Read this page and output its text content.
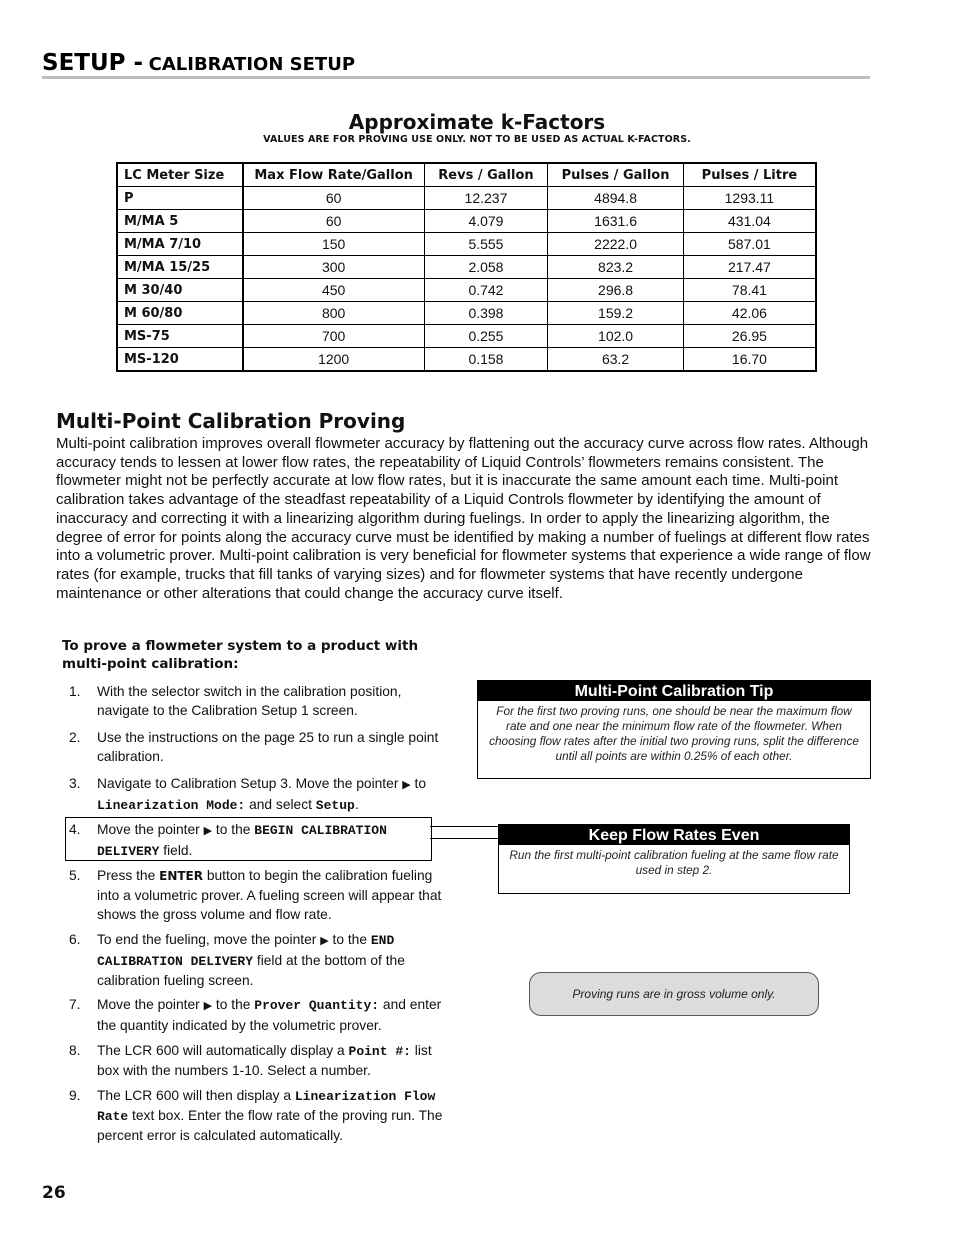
SETUP - CALIBRATION SETUP
Approximate k-Factors
VALUES ARE FOR PROVING USE ONLY. NOT TO BE USED AS ACTUAL K-FACTORS.
LC Meter Size	Max Flow Rate/Gallon	Revs / Gallon	Pulses / Gallon	Pulses / Litre
P	60	12.237	4894.8	1293.11
M/MA 5	60	4.079	1631.6	431.04
M/MA 7/10	150	5.555	2222.0	587.01
M/MA 15/25	300	2.058	823.2	217.47
M 30/40	450	0.742	296.8	78.41
M 60/80	800	0.398	159.2	42.06
MS-75	700	0.255	102.0	26.95
MS-120	1200	0.158	63.2	16.70
Multi-Point Calibration Proving
Multi-point calibration improves overall flowmeter accuracy by flattening out the accuracy curve across flow rates. Although accuracy tends to lessen at lower flow rates, the repeatability of Liquid Controls’ flowmeters remains consistent. The flowmeter might not be perfectly accurate at low flow rates, but it is inaccurate the same amount each time. Multi-point calibration takes advantage of the steadfast repeatability of a Liquid Controls flowmeter by identifying the amount of inaccuracy and correcting it with a linearizing algorithm during fuelings. In order to apply the linearizing algorithm, the degree of error for points along the accuracy curve must be identified by making a number of fuelings at different flow rates into a volumetric prover. Multi-point calibration is very beneficial for flowmeter systems that experience a wide range of flow rates (for example, trucks that fill tanks of varying sizes) and for flowmeter systems that have recently undergone maintenance or other alterations that could change the accuracy curve itself.
To prove a flowmeter system to a product with multi-point calibration:
1. With the selector switch in the calibration position, navigate to the Calibration Setup 1 screen.
2. Use the instructions on the page 25 to run a single point calibration.
3. Navigate to Calibration Setup 3. Move the pointer ▶ to Linearization Mode: and select Setup.
4. Move the pointer ▶ to the BEGIN CALIBRATION DELIVERY field.
5. Press the ENTER button to begin the calibration fueling into a volumetric prover. A fueling screen will appear that shows the gross volume and flow rate.
6. To end the fueling, move the pointer ▶ to the END CALIBRATION DELIVERY field at the bottom of the calibration fueling screen.
7. Move the pointer ▶ to the Prover Quantity: and enter the quantity indicated by the volumetric prover.
8. The LCR 600 will automatically display a Point #: list box with the numbers 1-10. Select a number.
9. The LCR 600 will then display a Linearization Flow Rate text box. Enter the flow rate of the proving run. The percent error is calculated automatically.
Multi-Point Calibration Tip
For the first two proving runs, one should be near the maximum flow rate and one near the minimum flow rate of the flowmeter. When choosing flow rates after the initial two proving runs, split the difference until all points are within 0.25% of each other.
Keep Flow Rates Even
Run the first multi-point calibration fueling at the same flow rate used in step 2.
Proving runs are in gross volume only.
26
